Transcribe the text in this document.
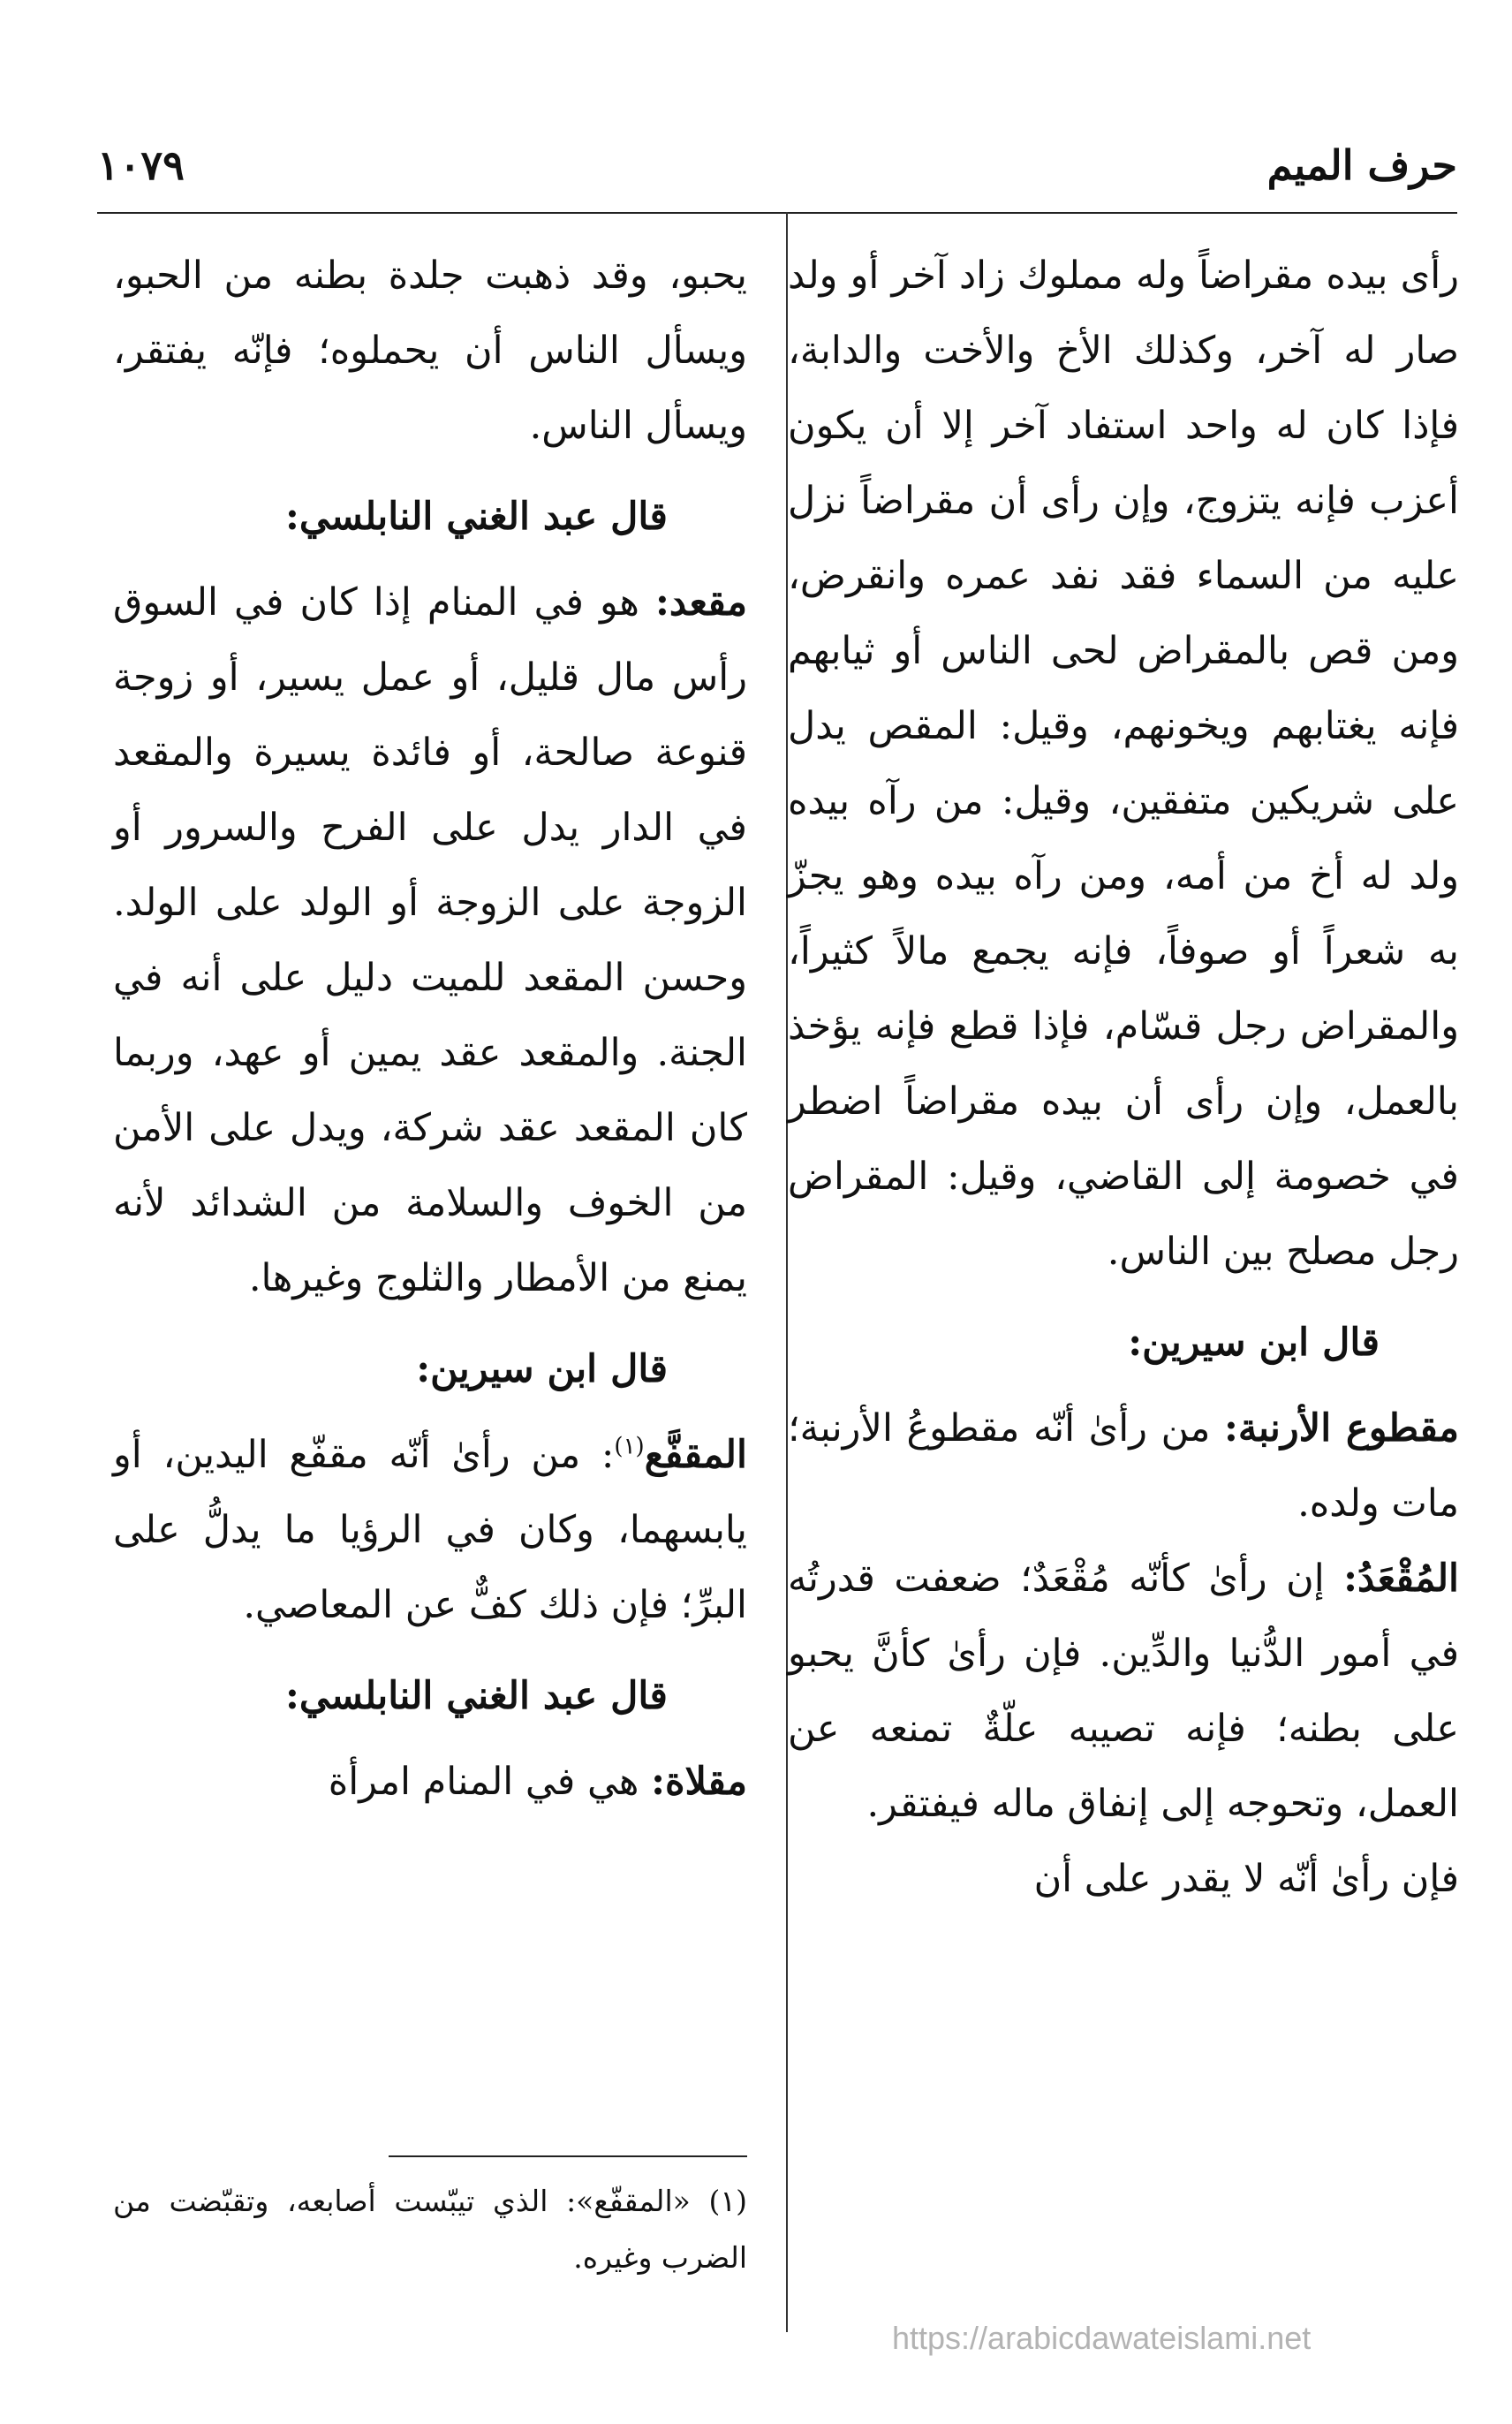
حرف الميم
١٠٧٩

رأى بيده مقراضاً وله مملوك زاد آخر أو ولد صار له آخر، وكذلك الأخ والأخت والدابة، فإذا كان له واحد استفاد آخر إلا أن يكون أعزب فإنه يتزوج، وإن رأى أن مقراضاً نزل عليه من السماء فقد نفد عمره وانقرض، ومن قص بالمقراض لحى الناس أو ثيابهم فإنه يغتابهم ويخونهم، وقيل: المقص يدل على شريكين متفقين، وقيل: من رآه بيده ولد له أخ من أمه، ومن رآه بيده وهو يجزّ به شعراً أو صوفاً، فإنه يجمع مالاً كثيراً، والمقراض رجل قسّام، فإذا قطع فإنه يؤخذ بالعمل، وإن رأى أن بيده مقراضاً اضطر في خصومة إلى القاضي، وقيل: المقراض رجل مصلح بين الناس.

قال ابن سيرين:

مقطوع الأرنبة: من رأىٰ أنّه مقطوعُ الأرنبة؛ مات ولده.

المُقْعَدُ: إن رأىٰ كأنّه مُقْعَدٌ؛ ضعفت قدرتُه في أمور الدُّنيا والدِّين. فإن رأىٰ كأنَّ يحبو على بطنه؛ فإنه تصيبه علّةٌ تمنعه عن العمل، وتحوجه إلى إنفاق ماله فيفتقر.

فإن رأىٰ أنّه لا يقدر على أن

يحبو، وقد ذهبت جلدة بطنه من الحبو، ويسأل الناس أن يحملوه؛ فإنّه يفتقر، ويسأل الناس.

قال عبد الغني النابلسي:

مقعد: هو في المنام إذا كان في السوق رأس مال قليل، أو عمل يسير، أو زوجة قنوعة صالحة، أو فائدة يسيرة والمقعد في الدار يدل على الفرح والسرور أو الزوجة على الزوجة أو الولد على الولد. وحسن المقعد للميت دليل على أنه في الجنة. والمقعد عقد يمين أو عهد، وربما كان المقعد عقد شركة، ويدل على الأمن من الخوف والسلامة من الشدائد لأنه يمنع من الأمطار والثلوج وغيرها.

قال ابن سيرين:

المقفَّع$^{(١)}$: من رأىٰ أنّه مقفّع اليدين، أو يابسهما، وكان في الرؤيا ما يدلُّ على البرِّ؛ فإن ذلك كفٌّ عن المعاصي.

قال عبد الغني النابلسي:

مقلاة: هي في المنام امرأة

(١) «المقفّع»: الذي تيبّست أصابعه، وتقبّضت من الضرب وغيره.
https://arabicdawateislami.net
